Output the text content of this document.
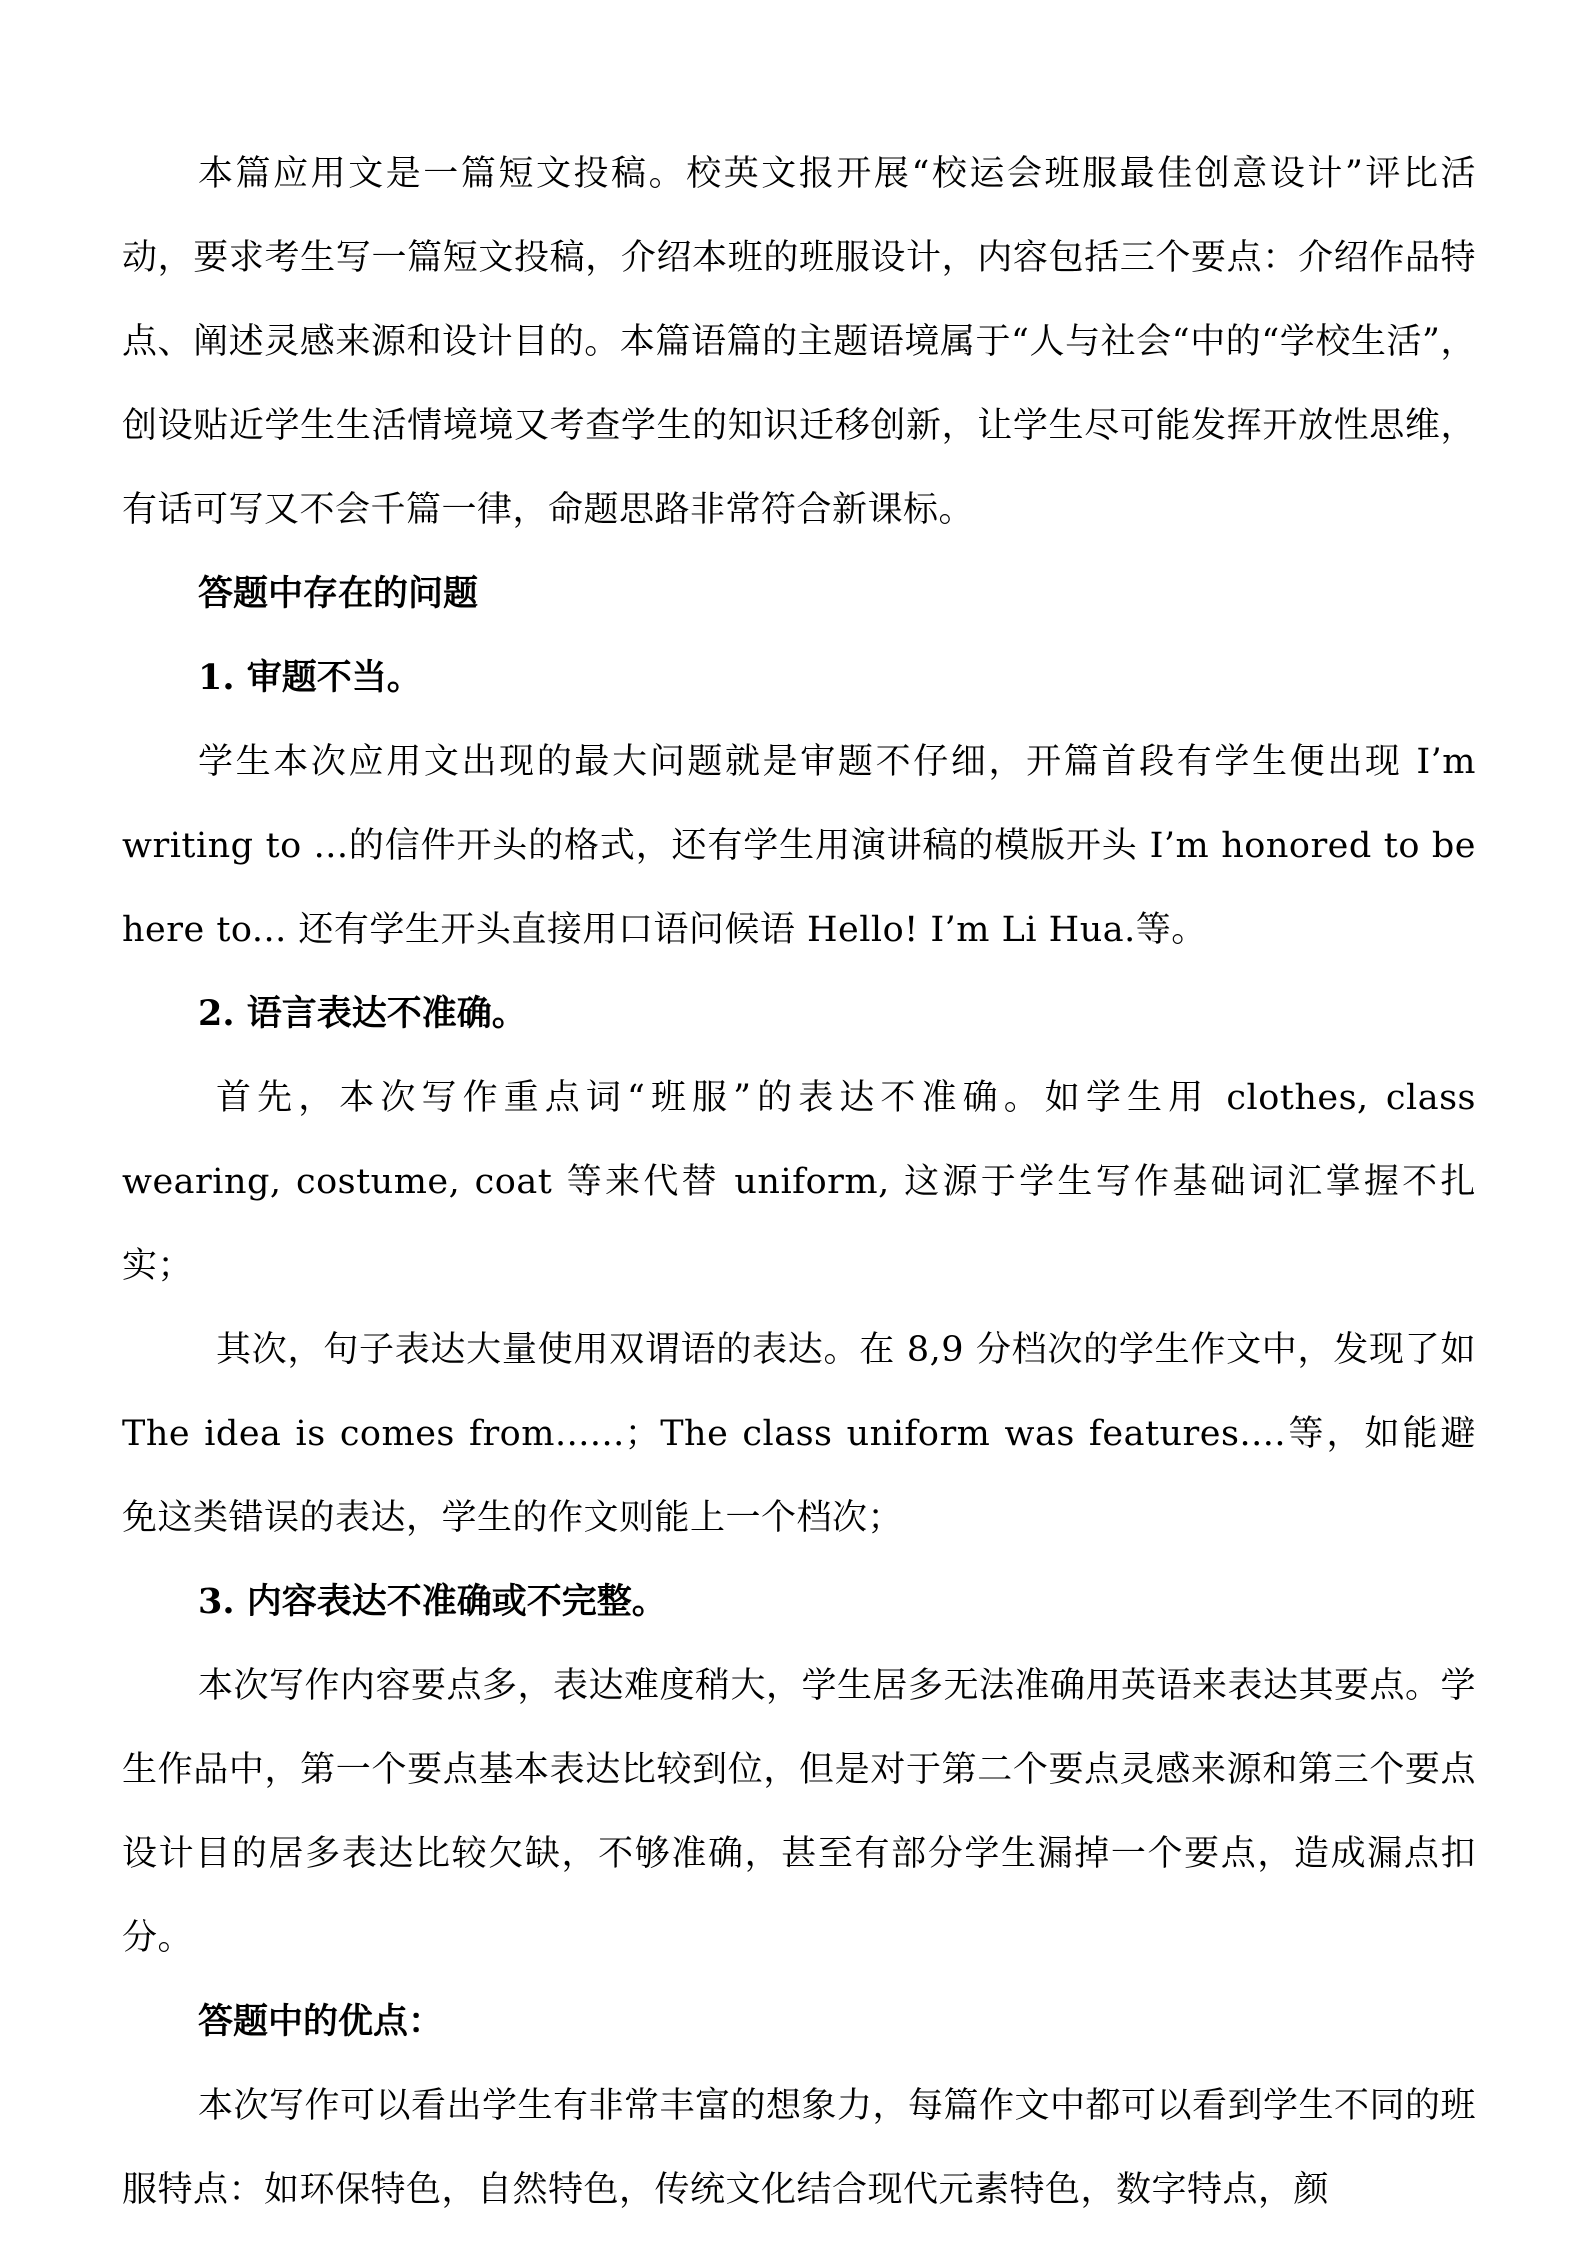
本篇应用文是一篇短文投稿。校英文报开展“校运会班服最佳创意设计”评比活动，要求考生写一篇短文投稿，介绍本班的班服设计，内容包括三个要点：介绍作品特点、阐述灵感来源和设计目的。本篇语篇的主题语境属于“人与社会“中的“学校生活”，创设贴近学生生活情境境又考查学生的知识迁移创新，让学生尽可能发挥开放性思维，有话可写又不会千篇一律，命题思路非常符合新课标。

答题中存在的问题

1. 审题不当。

学生本次应用文出现的最大问题就是审题不仔细，开篇首段有学生便出现 I’m writing to ...的信件开头的格式，还有学生用演讲稿的模版开头 I’m honored to be here to... 还有学生开头直接用口语问候语 Hello! I’m Li Hua.等。

2. 语言表达不准确。

首先，本次写作重点词“班服”的表达不准确。如学生用 clothes, class wearing, costume, coat 等来代替 uniform, 这源于学生写作基础词汇掌握不扎实；

其次，句子表达大量使用双谓语的表达。在 8,9 分档次的学生作文中，发现了如 The idea is comes from......；The class uniform was features....等，如能避免这类错误的表达，学生的作文则能上一个档次；

3. 内容表达不准确或不完整。

本次写作内容要点多，表达难度稍大，学生居多无法准确用英语来表达其要点。学生作品中，第一个要点基本表达比较到位，但是对于第二个要点灵感来源和第三个要点设计目的居多表达比较欠缺，不够准确，甚至有部分学生漏掉一个要点，造成漏点扣分。

答题中的优点：

本次写作可以看出学生有非常丰富的想象力，每篇作文中都可以看到学生不同的班服特点：如环保特色，自然特色，传统文化结合现代元素特色，数字特点，颜
